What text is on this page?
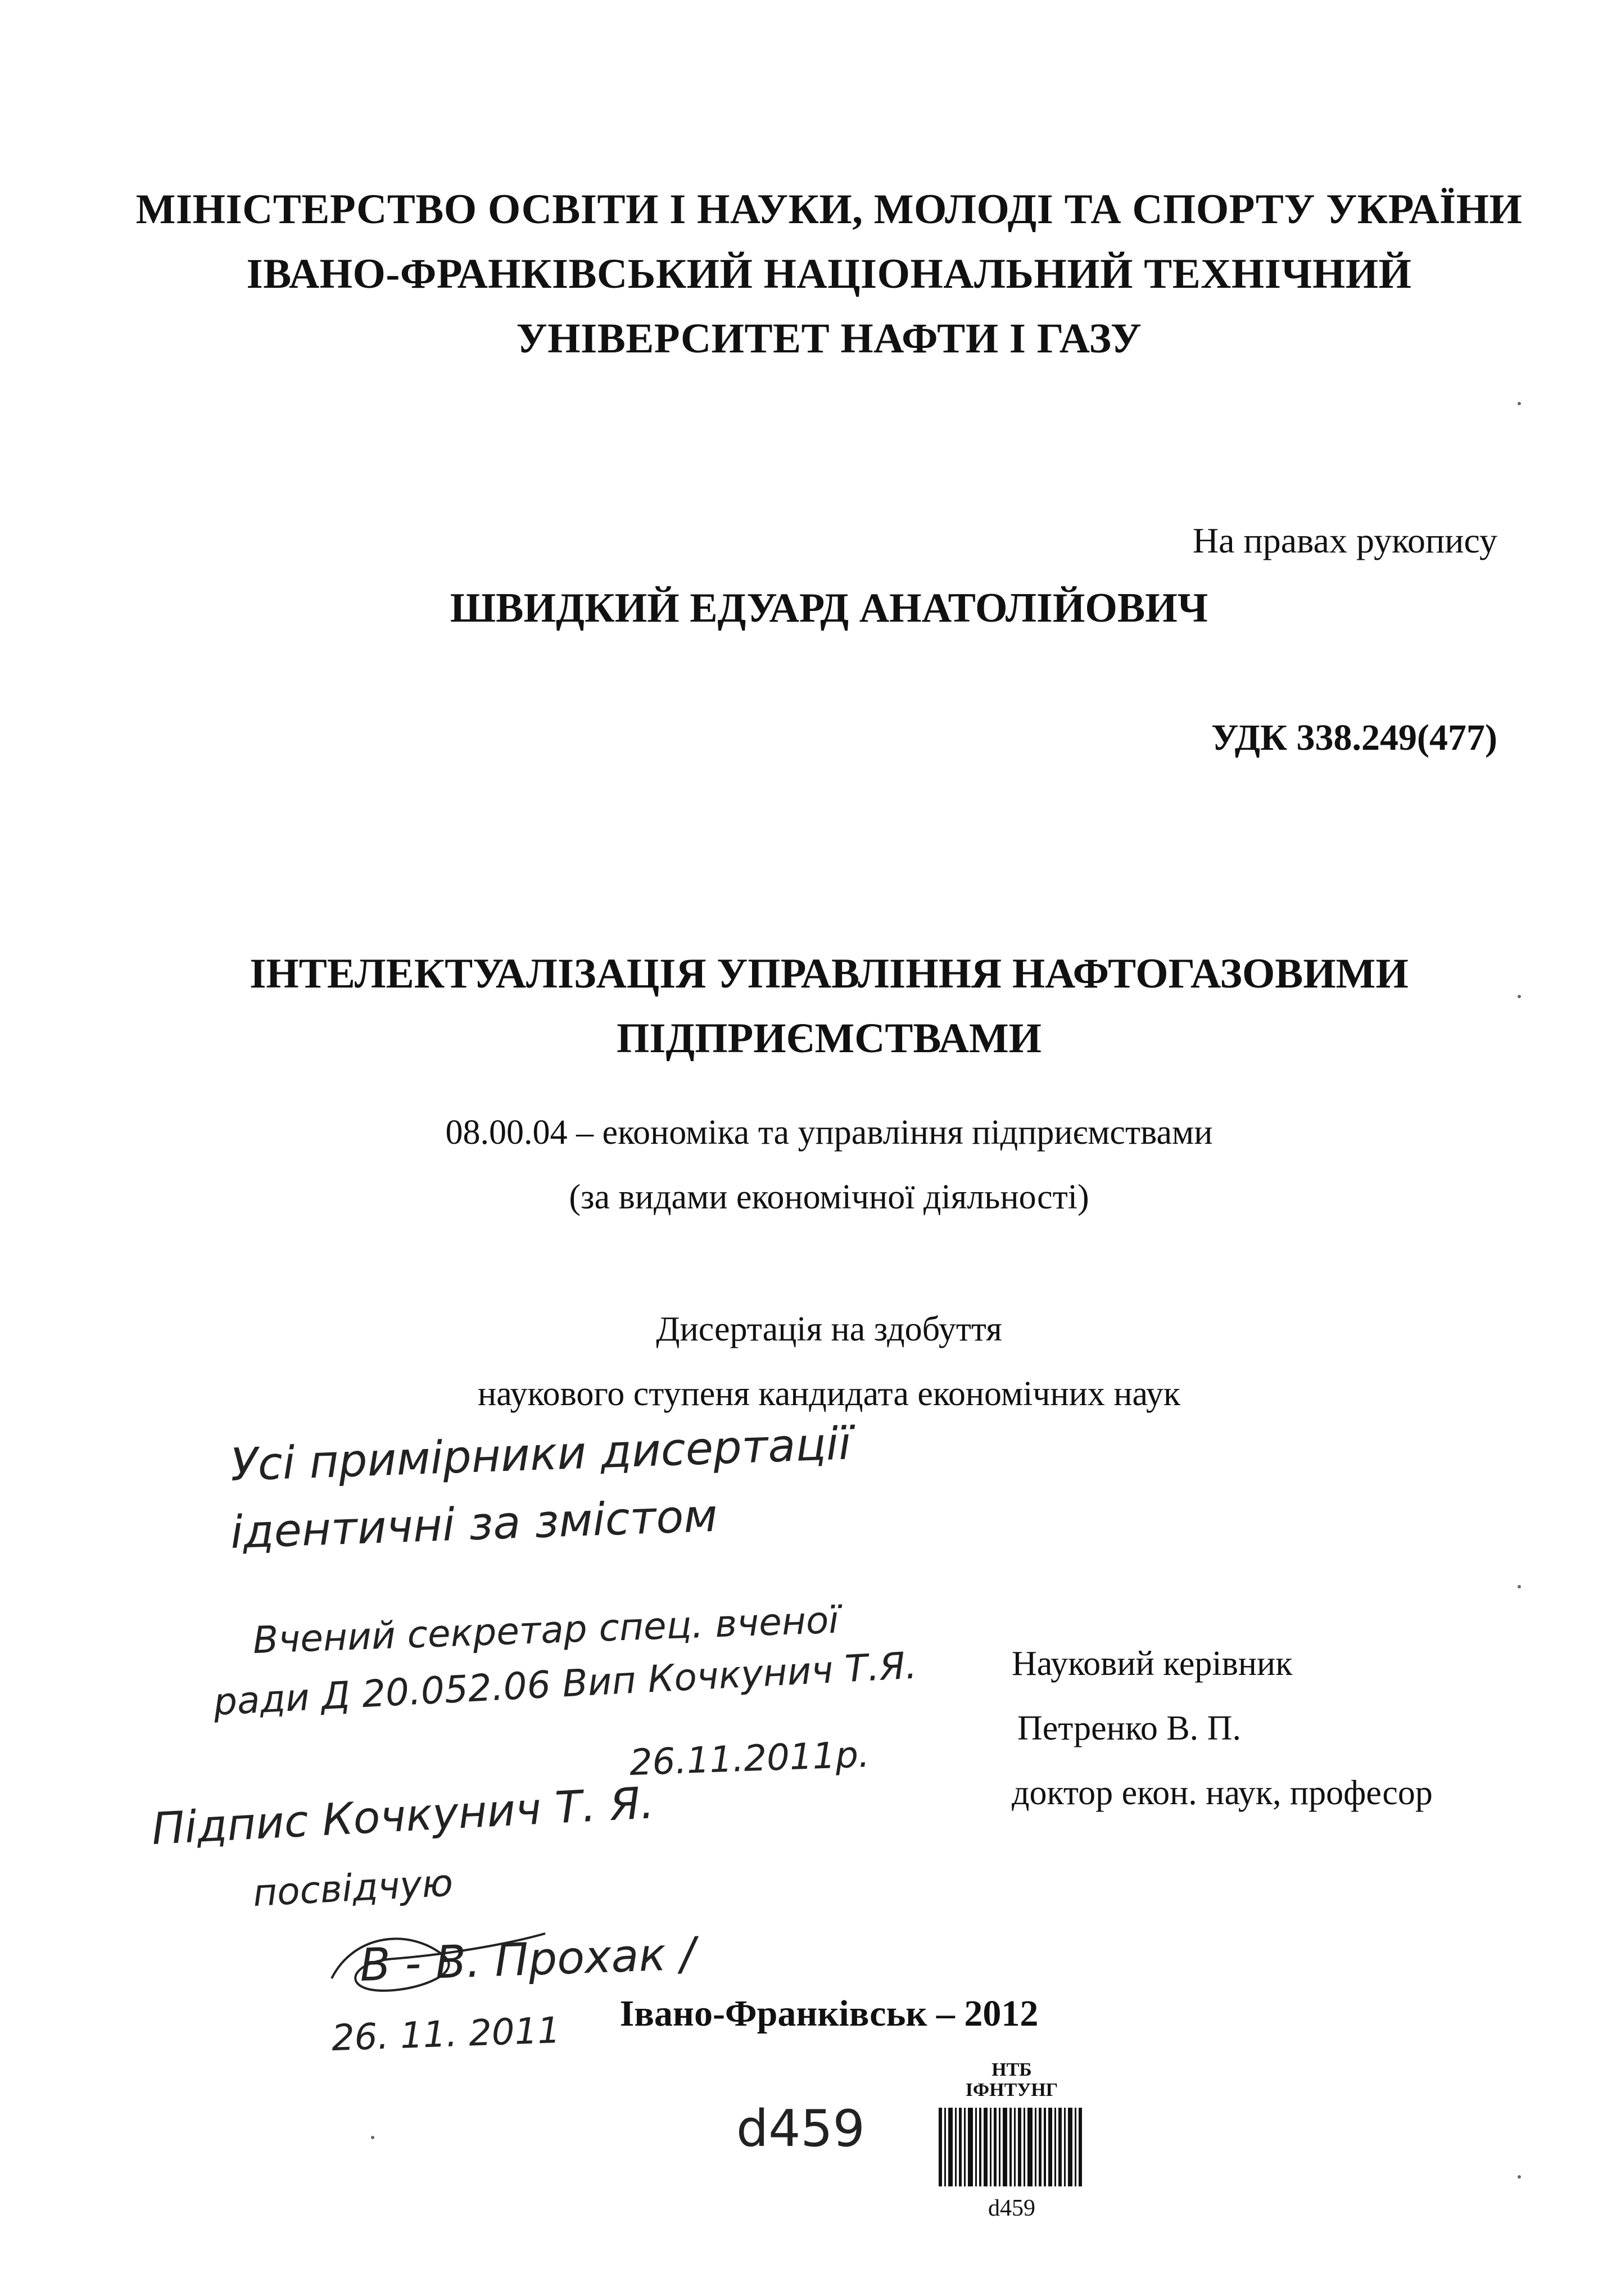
МІНІСТЕРСТВО ОСВІТИ І НАУКИ, МОЛОДІ ТА СПОРТУ УКРАЇНИ
ІВАНО-ФРАНКІВСЬКИЙ НАЦІОНАЛЬНИЙ ТЕХНІЧНИЙ
УНІВЕРСИТЕТ НАФТИ І ГАЗУ
На правах рукопису
ШВИДКИЙ ЕДУАРД АНАТОЛІЙОВИЧ
УДК 338.249(477)
ІНТЕЛЕКТУАЛІЗАЦІЯ УПРАВЛІННЯ НАФТОГАЗОВИМИ
ПІДПРИЄМСТВАМИ
08.00.04 – економіка та управління підприємствами
(за видами економічної діяльності)
Дисертація на здобуття
наукового ступеня кандидата економічних наук
Усі примірники дисертації
ідентичні за змістом
Вчений секретар спец. вченої
ради Д 20.052.06 Вип Кочкунич Т.Я.
26.11.2011р.
Підпис Кочкунич Т. Я.
посвідчую
В - В. Прохак /
26. 11. 2011
Науковий керівник
Петренко В. П.
доктор екон. наук, професор
Івано-Франківськ – 2012
d459
НТБ
ІФНТУНГ
d459
